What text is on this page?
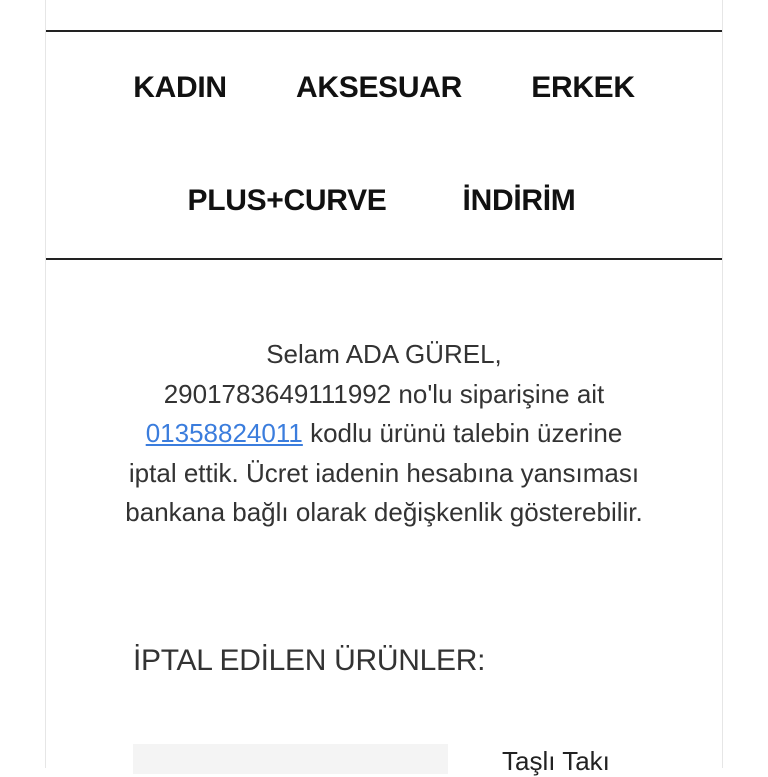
KADIN AKSESUAR ERKEK
PLUS+CURVE	İNDİRİM
Selam ADA GÜREL,
2901783649111992 no'lu siparişine ait
01358824011 kodlu ürünü talebin üzerine
iptal ettik. Ücret iadenin hesabına yansıması
bankana bağlı olarak değişkenlik gösterebilir.
İPTAL EDİLEN ÜRÜNLER:
Taşlı Takı
